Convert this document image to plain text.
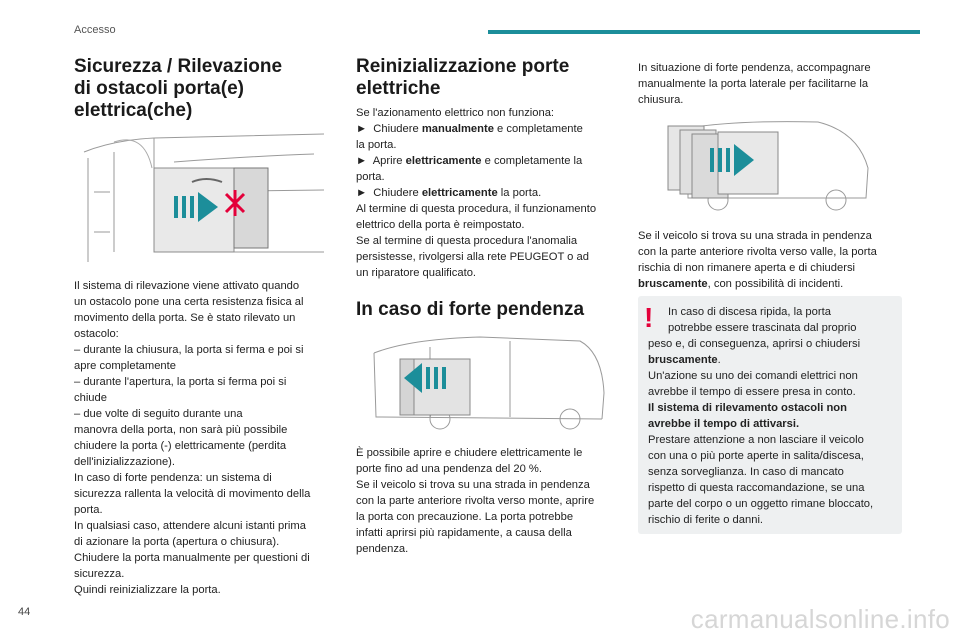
Accesso
Sicurezza / Rilevazione
di ostacoli porta(e)
elettrica(che)

Il sistema di rilevazione viene attivato quando

un ostacolo pone una certa resistenza fisica al

movimento della porta. Se è stato rilevato un

ostacolo:

– durante la chiusura, la porta si ferma e poi si

apre completamente

– durante l'apertura, la porta si ferma poi si

chiude

– due volte di seguito durante una

manovra della porta, non sarà più possibile

chiudere la porta (-) elettricamente (perdita

dell'inizializzazione).

In caso di forte pendenza: un sistema di

sicurezza rallenta la velocità di movimento della

porta.

In qualsiasi caso, attendere alcuni istanti prima

di azionare la porta (apertura o chiusura).

Chiudere la porta manualmente per questioni di

sicurezza.

Quindi reinizializzare la porta.

Reinizializzazione porte
elettriche

Se l'azionamento elettrico non funziona:

► Chiudere manualmente e completamente

la porta.

► Aprire elettricamente e completamente la

porta.

► Chiudere elettricamente la porta.

Al termine di questa procedura, il funzionamento

elettrico della porta è reimpostato.

Se al termine di questa procedura l'anomalia

persistesse, rivolgersi alla rete PEUGEOT o ad

un riparatore qualificato.

In caso di forte pendenza

È possibile aprire e chiudere elettricamente le

porte fino ad una pendenza del 20 %.

Se il veicolo si trova su una strada in pendenza

con la parte anteriore rivolta verso monte, aprire

la porta con precauzione. La porta potrebbe

infatti aprirsi più rapidamente, a causa della

pendenza.

In situazione di forte pendenza, accompagnare

manualmente la porta laterale per facilitarne la

chiusura.

Se il veicolo si trova su una strada in pendenza

con la parte anteriore rivolta verso valle, la porta

rischia di non rimanere aperta e di chiudersi

bruscamente, con possibilità di incidenti.

!	In caso di discesa ripida, la porta

potrebbe essere trascinata dal proprio

peso e, di conseguenza, aprirsi o chiudersi

bruscamente.

Un'azione su uno dei comandi elettrici non

avrebbe il tempo di essere presa in conto.

Il sistema di rilevamento ostacoli non

avrebbe il tempo di attivarsi.

Prestare attenzione a non lasciare il veicolo

con una o più porte aperte in salita/discesa,

senza sorveglianza. In caso di mancato

rispetto di questa raccomandazione, se una

parte del corpo o un oggetto rimane bloccato,

rischio di ferite o danni.

44	carmanualsonline.info
